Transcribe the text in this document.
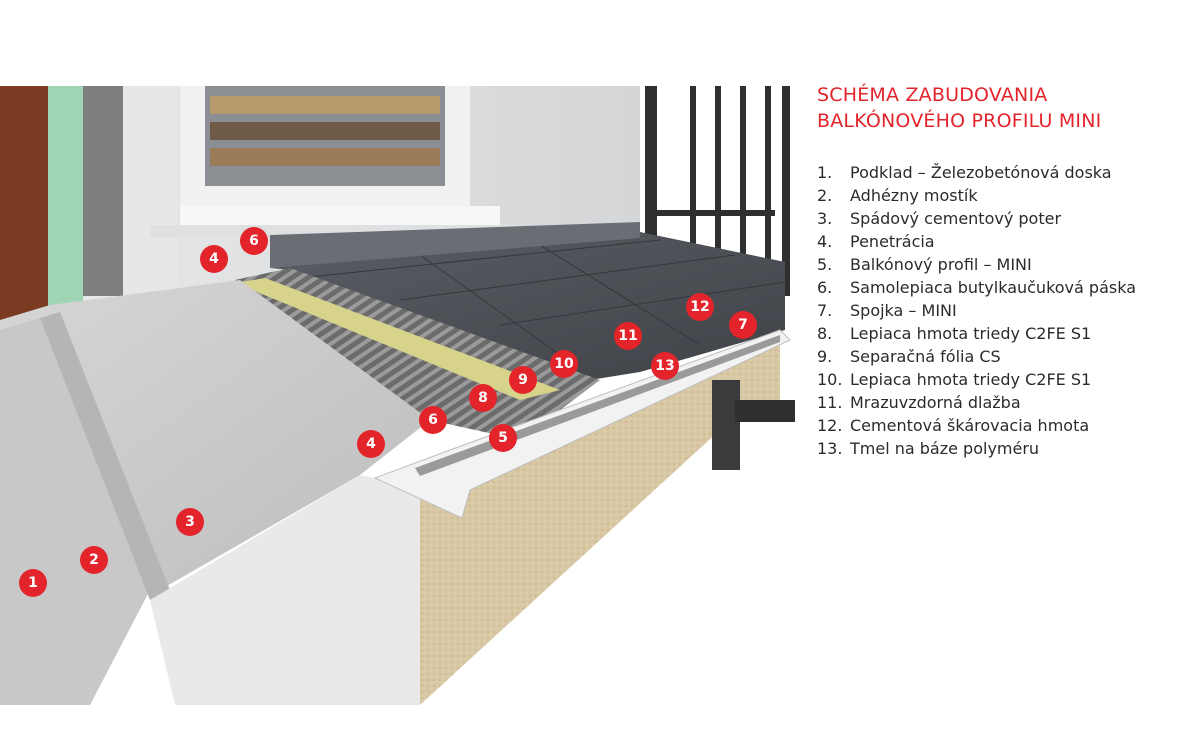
1
2
3
4
4	5
6
6
7
8
9
10
11
12
13
SCHÉMA ZABUDOVANIA
BALKÓNOVÉHO PROFILU MINI
1.	Podklad – Železobetónová doska
2.	Adhézny mostík
3.	Spádový cementový poter
4.	Penetrácia
5.	Balkónový profil – MINI
6.	Samolepiaca butylkaučuková páska
7.	Spojka – MINI
8.	Lepiaca hmota triedy C2FE S1
9.	Separačná fólia CS
10. Lepiaca hmota triedy C2FE S1
11. Mrazuvzdorná dlažba
12. Cementová škárovacia hmota
13. Tmel na báze polyméru
